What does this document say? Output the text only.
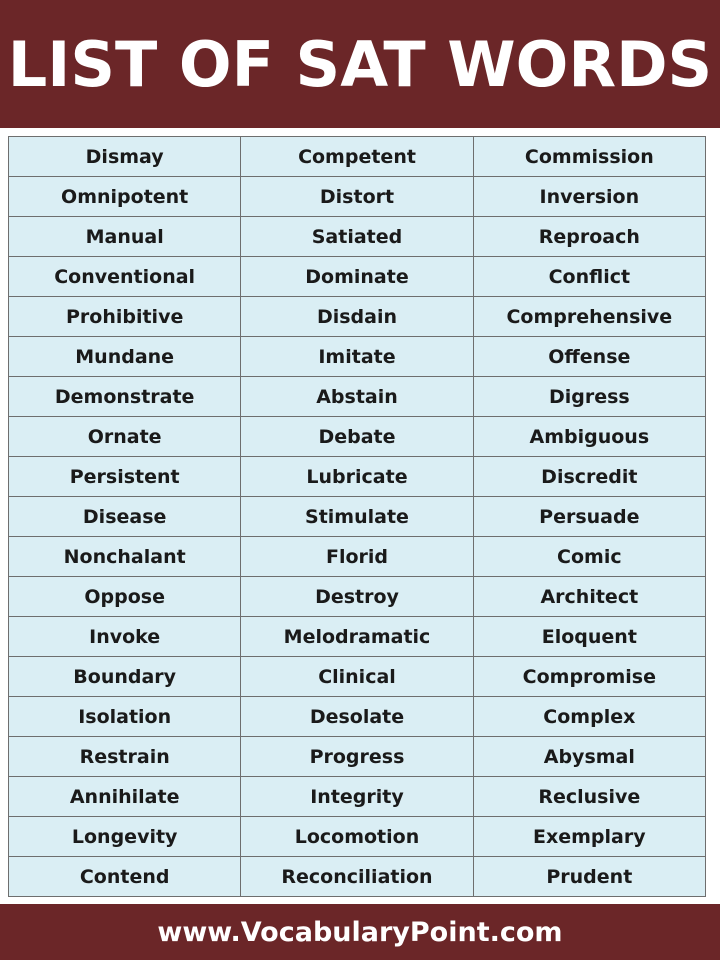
LIST OF SAT WORDS
Dismay	Competent	Commission
Omnipotent	Distort	Inversion
Manual	Satiated	Reproach
Conventional	Dominate	Conflict
Prohibitive	Disdain	Comprehensive
Mundane	Imitate	Offense
Demonstrate	Abstain	Digress
Ornate	Debate	Ambiguous
Persistent	Lubricate	Discredit
Disease	Stimulate	Persuade
Nonchalant	Florid	Comic
Oppose	Destroy	Architect
Invoke	Melodramatic	Eloquent
Boundary	Clinical	Compromise
Isolation	Desolate	Complex
Restrain	Progress	Abysmal
Annihilate	Integrity	Reclusive
Longevity	Locomotion	Exemplary
Contend	Reconciliation	Prudent
www.VocabularyPoint.com
